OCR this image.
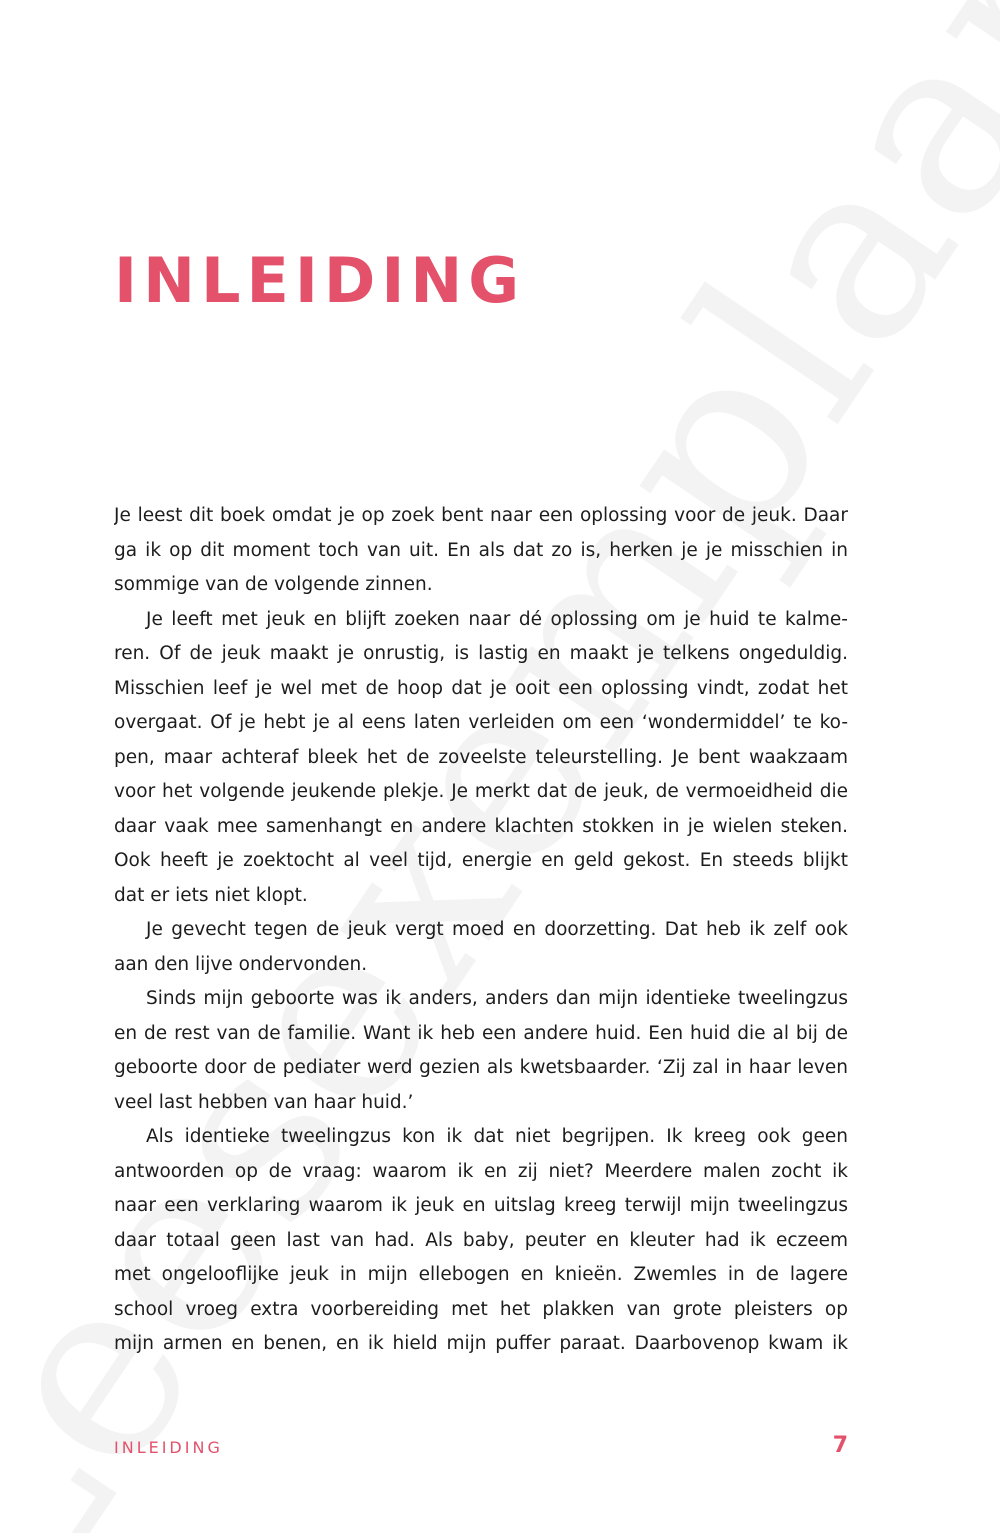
INLEIDING
Je leest dit boek omdat je op zoek bent naar een oplossing voor de jeuk. Daar
ga ik op dit moment toch van uit. En als dat zo is, herken je je misschien in
sommige van de volgende zinnen.
Je leeft met jeuk en blijft zoeken naar dé oplossing om je huid te kalme-
ren. Of de jeuk maakt je onrustig, is lastig en maakt je telkens ongeduldig.
Misschien leef je wel met de hoop dat je ooit een oplossing vindt, zodat het
overgaat. Of je hebt je al eens laten verleiden om een ‘wondermiddel’ te ko-
pen, maar achteraf bleek het de zoveelste teleurstelling. Je bent waakzaam
voor het volgende jeukende plekje. Je merkt dat de jeuk, de vermoeidheid die
daar vaak mee samenhangt en andere klachten stokken in je wielen steken.
Ook heeft je zoektocht al veel tijd, energie en geld gekost. En steeds blijkt
dat er iets niet klopt.
Je gevecht tegen de jeuk vergt moed en doorzetting. Dat heb ik zelf ook
aan den lijve ondervonden.
Sinds mijn geboorte was ik anders, anders dan mijn identieke tweelingzus
en de rest van de familie. Want ik heb een andere huid. Een huid die al bij de
geboorte door de pediater werd gezien als kwetsbaarder. ‘Zij zal in haar leven
veel last hebben van haar huid.’
Als identieke tweelingzus kon ik dat niet begrijpen. Ik kreeg ook geen
antwoorden op de vraag: waarom ik en zij niet? Meerdere malen zocht ik
naar een verklaring waarom ik jeuk en uitslag kreeg terwijl mijn tweelingzus
daar totaal geen last van had. Als baby, peuter en kleuter had ik eczeem
met ongelooflijke jeuk in mijn ellebogen en knieën. Zwemles in de lagere
school vroeg extra voorbereiding met het plakken van grote pleisters op
mijn armen en benen, en ik hield mijn puffer paraat. Daarbovenop kwam ik
INLEIDING	7
